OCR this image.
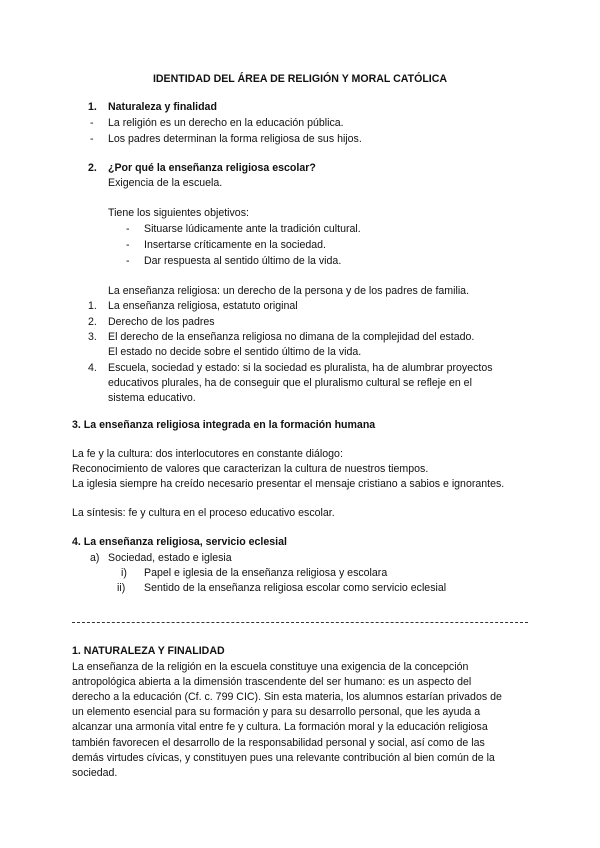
IDENTIDAD DEL ÁREA DE RELIGIÓN Y MORAL CATÓLICA
1. Naturaleza y finalidad
- La religión es un derecho en la educación pública.
- Los padres determinan la forma religiosa de sus hijos.
2. ¿Por qué la enseñanza religiosa escolar?
Exigencia de la escuela.
Tiene los siguientes objetivos:
- Situarse lúdicamente ante la tradición cultural.
- Insertarse críticamente en la sociedad.
- Dar respuesta al sentido último de la vida.
La enseñanza religiosa: un derecho de la persona y de los padres de familia.
1. La enseñanza religiosa, estatuto original
2. Derecho de los padres
3. El derecho de la enseñanza religiosa no dimana de la complejidad del estado.
El estado no decide sobre el sentido último de la vida.
4. Escuela, sociedad y estado: si la sociedad es pluralista, ha de alumbrar proyectos
educativos plurales, ha de conseguir que el pluralismo cultural se refleje en el
sistema educativo.
3. La enseñanza religiosa integrada en la formación humana
La fe y la cultura: dos interlocutores en constante diálogo:
Reconocimiento de valores que caracterizan la cultura de nuestros tiempos.
La iglesia siempre ha creído necesario presentar el mensaje cristiano a sabios e ignorantes.
La síntesis: fe y cultura en el proceso educativo escolar.
4. La enseñanza religiosa, servicio eclesial
a) Sociedad, estado e iglesia
i) Papel e iglesia de la enseñanza religiosa y escolara
ii) Sentido de la enseñanza religiosa escolar como servicio eclesial
1. NATURALEZA Y FINALIDAD
La enseñanza de la religión en la escuela constituye una exigencia de la concepción
antropológica abierta a la dimensión trascendente del ser humano: es un aspecto del
derecho a la educación (Cf. c. 799 CIC). Sin esta materia, los alumnos estarían privados de
un elemento esencial para su formación y para su desarrollo personal, que les ayuda a
alcanzar una armonía vital entre fe y cultura. La formación moral y la educación religiosa
también favorecen el desarrollo de la responsabilidad personal y social, así como de las
demás virtudes cívicas, y constituyen pues una relevante contribución al bien común de la
sociedad.
